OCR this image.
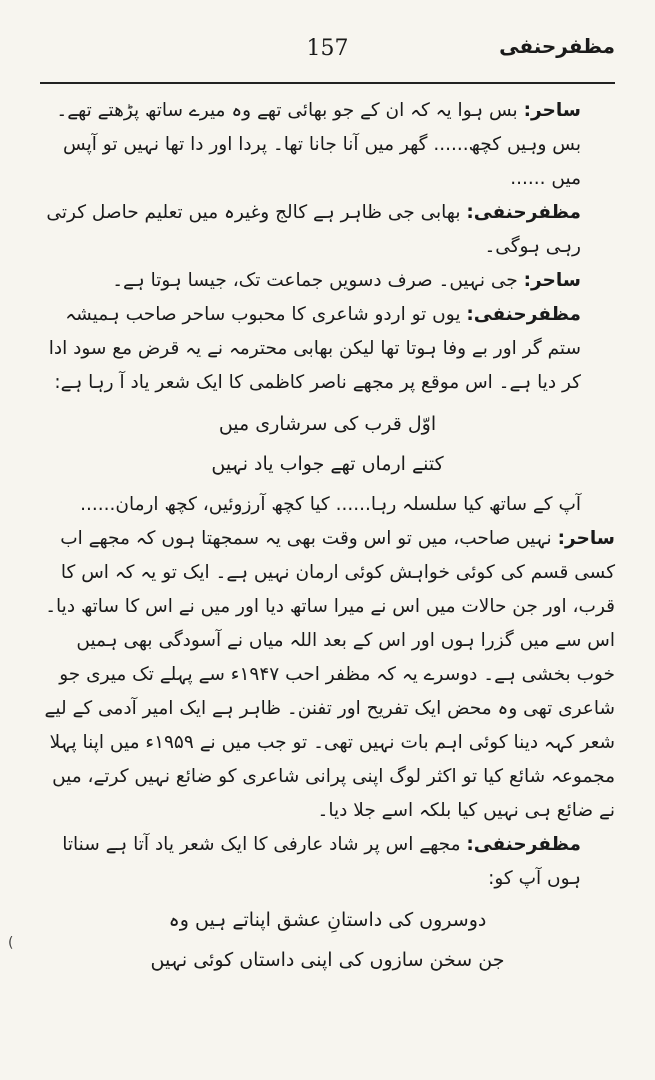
157	مظفرحنفی

ساحر: بس ہوا یہ کہ ان کے جو بھائی تھے وہ میرے ساتھ پڑھتے تھے۔ بس وہیں کچھ...... گھر میں آنا جانا تھا۔ پردا اور دا تھا نہیں تو آپس میں ......

مظفرحنفی: بھابی جی ظاہر ہے کالج وغیرہ میں تعلیم حاصل کرتی رہی ہوگی۔

ساحر: جی نہیں۔ صرف دسویں جماعت تک، جیسا ہوتا ہے۔

مظفرحنفی: یوں تو اردو شاعری کا محبوب ساحر صاحب ہمیشہ ستم گر اور بے وفا ہوتا تھا لیکن بھابی محترمہ نے یہ قرض مع سود ادا کر دیا ہے۔ اس موقع پر مجھے ناصر کاظمی کا ایک شعر یاد آ رہا ہے:

اوّل قرب کی سرشاری میں
کتنے ارماں تھے جواب یاد نہیں

آپ کے ساتھ کیا سلسلہ رہا...... کیا کچھ آرزوئیں، کچھ ارمان......

ساحر: نہیں صاحب، میں تو اس وقت بھی یہ سمجھتا ہوں کہ مجھے اب کسی قسم کی کوئی خواہش کوئی ارمان نہیں ہے۔ ایک تو یہ کہ اس کا قرب، اور جن حالات میں اس نے میرا ساتھ دیا اور میں نے اس کا ساتھ دیا۔ اس سے میں گزرا ہوں اور اس کے بعد اللہ میاں نے آسودگی بھی ہمیں خوب بخشی ہے۔ دوسرے یہ کہ مظفر احب ۱۹۴۷ء سے پہلے تک میری جو شاعری تھی وہ محض ایک تفریح اور تفنن۔ ظاہر ہے ایک امیر آدمی کے لیے شعر کہہ دینا کوئی اہم بات نہیں تھی۔ تو جب میں نے ۱۹۵۹ء میں اپنا پہلا مجموعہ شائع کیا تو اکثر لوگ اپنی پرانی شاعری کو ضائع نہیں کرتے، میں نے ضائع ہی نہیں کیا بلکہ اسے جلا دیا۔

مظفرحنفی: مجھے اس پر شاد عارفی کا ایک شعر یاد آتا ہے سناتا ہوں آپ کو:

دوسروں کی داستانِ عشق اپناتے ہیں وہ
جن سخن سازوں کی اپنی داستاں کوئی نہیں
(
